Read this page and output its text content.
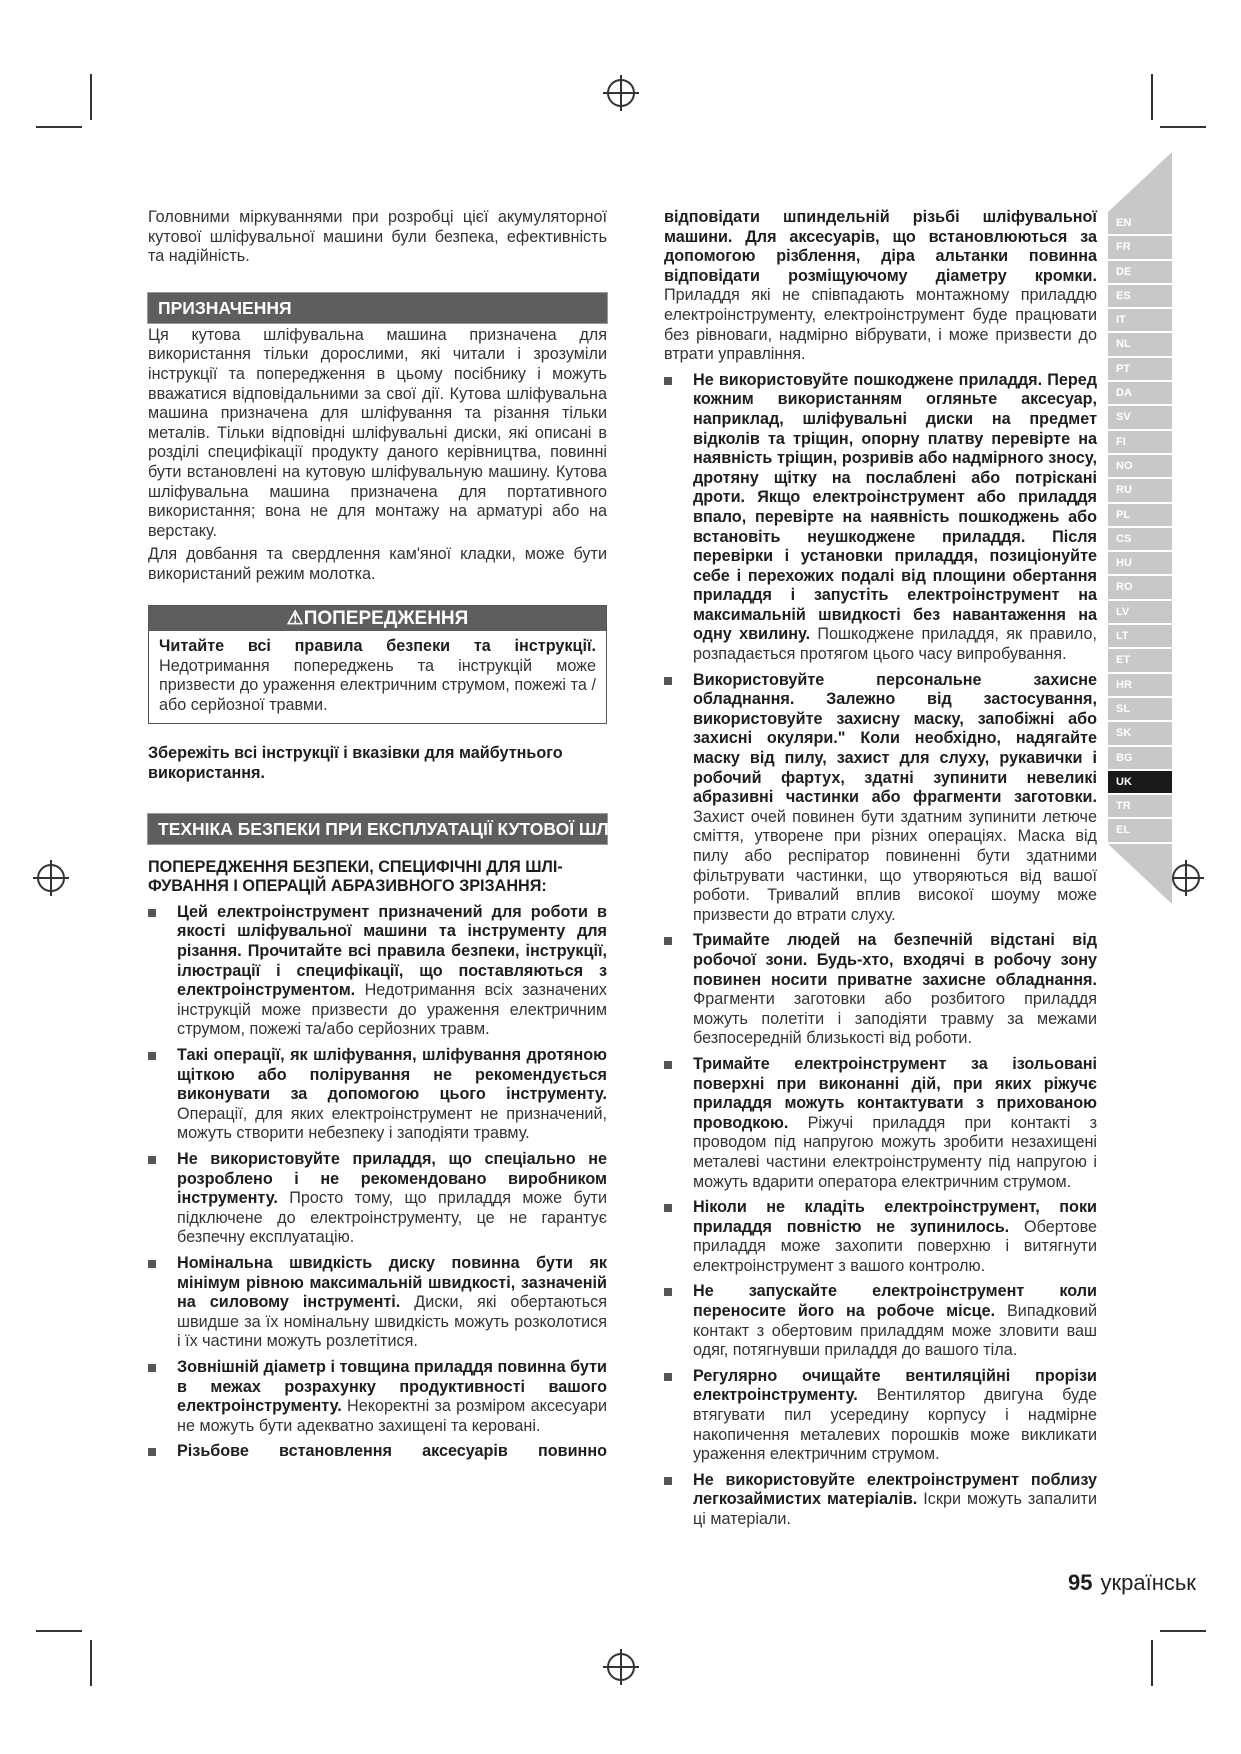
Головними міркуваннями при розробці цієї акумуляторної кутової шліфувальної машини були безпека, ефективність та надійність.

ПРИЗНАЧЕННЯ

Ця кутова шліфувальна машина призначена для використання тільки дорослими, які читали і зрозуміли інструкції та попередження в цьому посібнику і можуть вважатися відповідальними за свої дії. Кутова шліфувальна машина призначена для шліфування та різання тільки металів. Тільки відповідні шліфувальні диски, які описані в розділі специфікації продукту даного керівництва, повинні бути встановлені на кутовую шліфувальную машину. Кутова шліфувальна машина призначена для портативного використання; вона не для монтажу на арматурі або на верстаку.

Для довбання та свердлення кам'яної кладки, може бути використаний режим молотка.

⚠ПОПЕРЕДЖЕННЯ
Читайте всі правила безпеки та інструкції. Недотримання попереджень та інструкцій може призвести до ураження електричним струмом, пожежі та / або серйозної травми.

Збережіть всі інструкції і вказівки для майбутнього використання.

ТЕХНІКА БЕЗПЕКИ ПРИ ЕКСПЛУАТАЦІЇ КУТОВОЇ ШЛІФУВАЛЬНОЇ МАШИНИ

ПОПЕРЕДЖЕННЯ БЕЗПЕКИ, СПЕЦИФІЧНІ ДЛЯ ШЛІ-ФУВАННЯ І ОПЕРАЦІЙ АБРАЗИВНОГО ЗРІЗАННЯ:

Цей електроінструмент призначений для роботи в якості шліфувальної машини та інструменту для різання. Прочитайте всі правила безпеки, інструкції, ілюстрації і специфікації, що поставляються з електроінструментом. Недотримання всіх зазначених інструкцій може призвести до ураження електричним струмом, пожежі та/або серйозних травм.
Такі операції, як шліфування, шліфування дротяною щіткою або полірування не рекомендується виконувати за допомогою цього інструменту. Операції, для яких електроінструмент не призначений, можуть створити небезпеку і заподіяти травму.
Не використовуйте приладдя, що спеціально не розроблено і не рекомендовано виробником інструменту. Просто тому, що приладдя може бути підключене до електроінструменту, це не гарантує безпечну експлуатацію.
Номінальна швидкість диску повинна бути як мінімум рівною максимальній швидкості, зазначеній на силовому інструменті. Диски, які обертаються швидше за їх номінальну швидкість можуть розколотися і їх частини можуть розлетітися.
Зовнішній діаметр і товщина приладдя повинна бути в межах розрахунку продуктивності вашого електроінструменту. Некоректні за розміром аксесуари не можуть бути адекватно захищені та керовані.
Різьбове встановлення аксесуарів повинно

відповідати шпиндельній різьбі шліфувальної машини. Для аксесуарів, що встановлюються за допомогою різблення, діра альтанки повинна відповідати розміщуючому діаметру кромки. Приладдя які не співпадають монтажному приладдю електроінструменту, електроінструмент буде працювати без рівноваги, надмірно вібрувати, і може призвести до втрати управління.

Не використовуйте пошкоджене приладдя. Перед кожним використанням огляньте аксесуар, наприклад, шліфувальні диски на предмет відколів та тріщин, опорну платву перевірте на наявність тріщин, розривів або надмірного зносу, дротяну щітку на послаблені або потріскані дроти. Якщо електроінструмент або приладдя впало, перевірте на наявність пошкоджень або встановіть неушкоджене приладдя. Після перевірки і установки приладдя, позиціонуйте себе і перехожих подалі від площини обертання приладдя і запустіть електроінструмент на максимальній швидкості без навантаження на одну хвилину. Пошкоджене приладдя, як правило, розпадається протягом цього часу випробування.
Використовуйте персональне захисне обладнання. Залежно від застосування, використовуйте захисну маску, запобіжні або захисні окуляри." Коли необхідно, надягайте маску від пилу, захист для слуху, рукавички і робочий фартух, здатні зупинити невеликі абразивні частинки або фрагменти заготовки. Захист очей повинен бути здатним зупинити летюче сміття, утворене при різних операціях. Маска від пилу або респіратор повиненні бути здатними фільтрувати частинки, що утворяються від вашої роботи. Тривалий вплив високої шоуму може призвести до втрати слуху.
Тримайте людей на безпечній відстані від робочої зони. Будь-хто, входячі в робочу зону повинен носити приватне захисне обладнання. Фрагменти заготовки або розбитого приладдя можуть полетіти і заподіяти травму за межами безпосередній близькості від роботи.
Тримайте електроінструмент за ізольовані поверхні при виконанні дій, при яких ріжучє приладдя можуть контактувати з прихованою проводкою. Ріжучі приладдя при контакті з проводом під напругою можуть зробити незахищені металеві частини електроінструменту під напругою і можуть вдарити оператора електричним струмом.
Ніколи не кладіть електроінструмент, поки приладдя повністю не зупинилось. Обертове приладдя може захопити поверхню і витягнути електроінструмент з вашого контролю.
Не запускайте електроінструмент коли переносите його на робоче місце. Випадковий контакт з обертовим приладдям може зловити ваш одяг, потягнувши приладдя до вашого тіла.
Регулярно очищайте вентиляційні прорізи електроінструменту. Вентилятор двигуна буде втягувати пил усередину корпусу і надмірне накопичення металевих порошків може викликати ураження електричним струмом.
Не використовуйте електроінструмент поблизу легкозаймистих матеріалів. Іскри можуть запалити ці матеріали.
EN
FR
DE
ES
IT
NL
PT
DA
SV
FI
NO
RU
PL
CS
HU
RO
LV
LT
ET
HR
SL
SK
BG
UK
TR
EL
95 українськ
